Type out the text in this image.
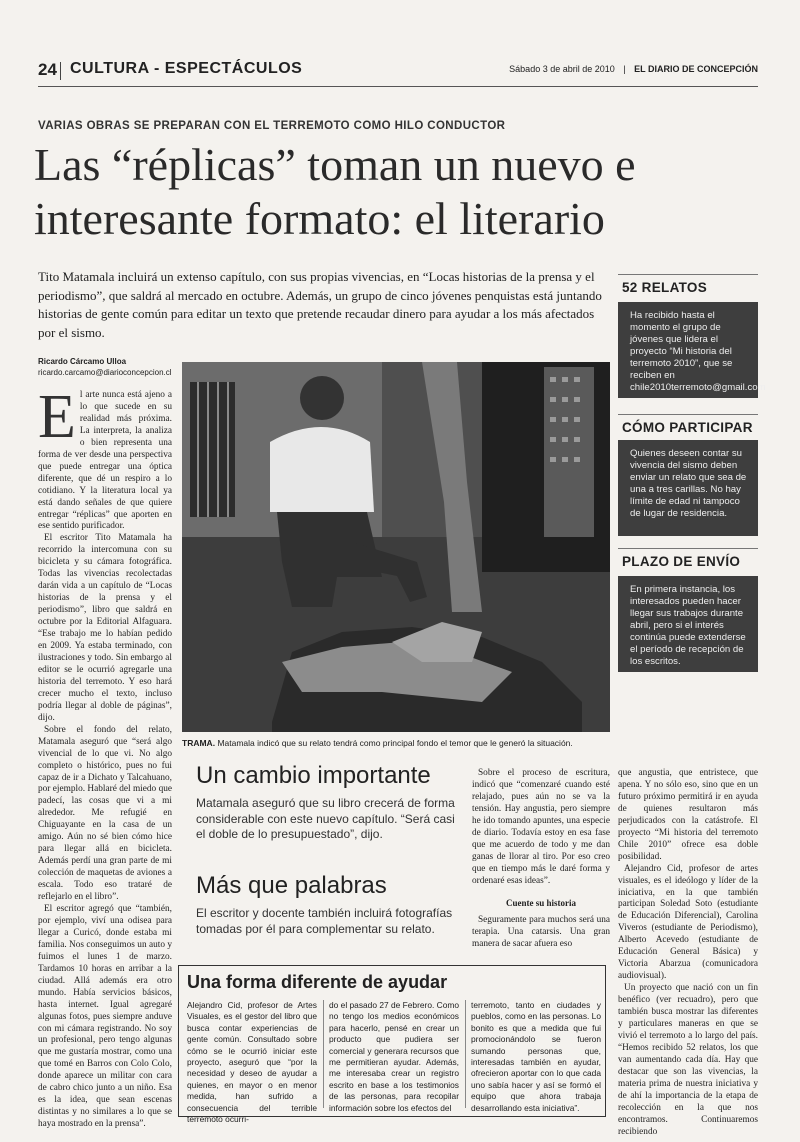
24 CULTURA - ESPECTÁCULOS	Sábado 3 de abril de 2010 | EL DIARIO DE CONCEPCIÓN
VARIAS OBRAS SE PREPARAN CON EL TERREMOTO COMO HILO CONDUCTOR
Las “réplicas” toman un nuevo e interesante formato: el literario
Tito Matamala incluirá un extenso capítulo, con sus propias vivencias, en “Locas historias de la prensa y el periodismo”, que saldrá al mercado en octubre. Además, un grupo de cinco jóvenes penquistas está juntando historias de gente común para editar un texto que pretende recaudar dinero para ayudar a los más afectados por el sismo.
Ricardo Cárcamo Ulloa
ricardo.carcamo@diarioconcepcion.cl
TRAMA. Matamala indicó que su relato tendrá como principal fondo el temor que le generó la situación.
E l arte nunca está ajeno a lo que sucede en su realidad más próxima. La interpreta, la analiza o bien representa una forma de ver desde una perspectiva que puede entregar una óptica diferente, que dé un respiro a lo cotidiano. Y la literatura local ya está dando señales de que quiere entregar “réplicas” que aporten en ese sentido purificador.

El escritor Tito Matamala ha recorrido la intercomuna con su bicicleta y su cámara fotográfica. Todas las vivencias recolectadas darán vida a un capítulo de “Locas historias de la prensa y el periodismo”, libro que saldrá en octubre por la Editorial Alfaguara. “Ese trabajo me lo habían pedido en 2009. Ya estaba terminado, con ilustraciones y todo. Sin embargo al editor se le ocurrió agregarle una historia del terremoto. Y eso hará crecer mucho el texto, incluso podría llegar al doble de páginas”, dijo.

Sobre el fondo del relato, Matamala aseguró que “será algo vivencial de lo que vi. No algo completo o histórico, pues no fui capaz de ir a Dichato y Talcahuano, por ejemplo. Hablaré del miedo que padecí, las cosas que vi a mi alrededor. Me refugié en Chiguayante en la casa de un amigo. Aún no sé bien cómo hice para llegar allá en bicicleta. Además perdí una gran parte de mi colección de maquetas de aviones a escala. Todo eso trataré de reflejarlo en el libro”.

El escritor agregó que “también, por ejemplo, viví una odisea para llegar a Curicó, donde estaba mi familia. Nos conseguimos un auto y fuimos el lunes 1 de marzo. Tardamos 10 horas en arribar a la ciudad. Allá además era otro mundo. Había servicios básicos, hasta internet. Igual agregaré algunas fotos, pues siempre anduve con mi cámara registrando. No soy un profesional, pero tengo algunas que me gustaría mostrar, como una que tomé en Barros con Colo Colo, donde aparece un militar con cara de cabro chico junto a un niño. Esa es la idea, que sean escenas distintas y no similares a lo que se haya mostrado en la prensa”.

Un cambio importante
Matamala aseguró que su libro crecerá de forma considerable con este nuevo capítulo. “Será casi el doble de lo presupuestado”, dijo.
Más que palabras
El escritor y docente también incluirá fotografías tomadas por él para complementar su relato.

Sobre el proceso de escritura, indicó que “comenzaré cuando esté relajado, pues aún no se va la tensión. Hay angustia, pero siempre he ido tomando apuntes, una especie de diario. Todavía estoy en esa fase que me acuerdo de todo y me dan ganas de llorar al tiro. Por eso creo que en tiempo más le daré forma y ordenaré esas ideas”.

Cuente su historia

Seguramente para muchos será una terapia. Una catarsis. Una gran manera de sacar afuera eso

que angustia, que entristece, que apena. Y no sólo eso, sino que en un futuro próximo permitirá ir en ayuda de quienes resultaron más perjudicados con la catástrofe. El proyecto “Mi historia del terremoto Chile 2010” ofrece esa doble posibilidad.

Alejandro Cid, profesor de artes visuales, es el ideólogo y líder de la iniciativa, en la que también participan Soledad Soto (estudiante de Educación Diferencial), Carolina Viveros (estudiante de Periodismo), Alberto Acevedo (estudiante de Educación General Básica) y Victoria Abarzua (comunicadora audiovisual).

Un proyecto que nació con un fin benéfico (ver recuadro), pero que también busca mostrar las diferentes y particulares maneras en que se vivió el terremoto a lo largo del país. “Hemos recibido 52 relatos, los que van aumentando cada día. Hay que destacar que son las vivencias, la materia prima de nuestra iniciativa y de ahí la importancia de la etapa de recolección en la que nos encontramos. Continuaremos recibiendo

Una forma diferente de ayudar
Alejandro Cid, profesor de Artes Visuales, es el gestor del libro que busca contar experiencias de gente común. Consultado sobre cómo se le ocurrió iniciar este proyecto, aseguró que “por la necesidad y deseo de ayudar a quienes, en mayor o en menor medida, han sufrido a consecuencia del terrible terremoto ocurri-
do el pasado 27 de Febrero. Como no tengo los medios económicos para hacerlo, pensé en crear un producto que pudiera ser comercial y generara recursos que me permitieran ayudar. Además, me interesaba crear un registro escrito en base a los testimonios de las personas, para recopilar información sobre los efectos del
terremoto, tanto en ciudades y pueblos, como en las personas. Lo bonito es que a medida que fui promocionándolo se fueron sumando personas que, interesadas también en ayudar, ofrecieron aportar con lo que cada uno sabía hacer y así se formó el equipo que ahora trabaja desarrollando esta iniciativa”.
52 RELATOS
Ha recibido hasta el momento el grupo de jóvenes que lidera el proyecto “Mi historia del terremoto 2010”, que se reciben en chile2010terremoto@gmail.com
CÓMO PARTICIPAR
Quienes deseen contar su vivencia del sismo deben enviar un relato que sea de una a tres carillas. No hay límite de edad ni tampoco de lugar de residencia.
PLAZO DE ENVÍO
En primera instancia, los interesados pueden hacer llegar sus trabajos durante abril, pero si el interés continúa puede extenderse el período de recepción de los escritos.
